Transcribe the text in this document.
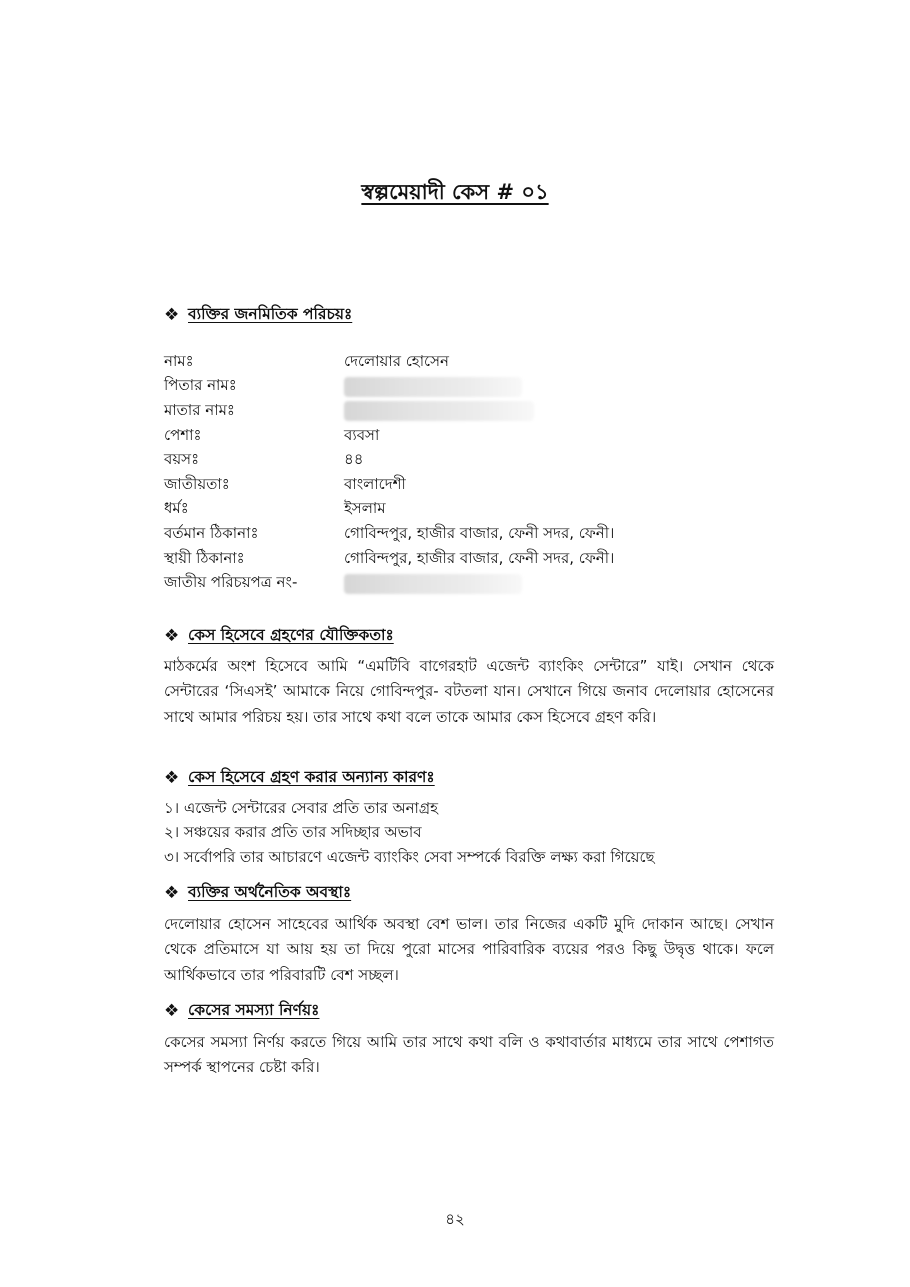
স্বল্পমেয়াদী কেস # ০১
❖ ব্যক্তির জনমিতিক পরিচয়ঃ
নামঃ	দেলোয়ার হোসেন
পিতার নামঃ
মাতার নামঃ
পেশাঃ	ব্যবসা
বয়সঃ	৪৪
জাতীয়তাঃ	বাংলাদেশী
ধর্মঃ	ইসলাম
বর্তমান ঠিকানাঃ	গোবিন্দপুর, হাজীর বাজার, ফেনী সদর, ফেনী।
স্থায়ী ঠিকানাঃ	গোবিন্দপুর, হাজীর বাজার, ফেনী সদর, ফেনী।
জাতীয় পরিচয়পত্র নং-
❖ কেস হিসেবে গ্রহণের যৌক্তিকতাঃ

মাঠকর্মের অংশ হিসেবে আমি “এমটিবি বাগেরহাট এজেন্ট ব্যাংকিং সেন্টারে” যাই। সেখান থেকে সেন্টারের ‘সিএসই’ আমাকে নিয়ে গোবিন্দপুর- বটতলা যান। সেখানে গিয়ে জনাব দেলোয়ার হোসেনের সাথে আমার পরিচয় হয়। তার সাথে কথা বলে তাকে আমার কেস হিসেবে গ্রহণ করি।

❖ কেস হিসেবে গ্রহণ করার অন্যান্য কারণঃ
১। এজেন্ট সেন্টারের সেবার প্রতি তার অনাগ্রহ
২। সঞ্চয়ের করার প্রতি তার সদিচ্ছার অভাব
৩। সর্বোপরি তার আচারণে এজেন্ট ব্যাংকিং সেবা সম্পর্কে বিরক্তি লক্ষ্য করা গিয়েছে
❖ ব্যক্তির অর্থনৈতিক অবস্থাঃ

দেলোয়ার হোসেন সাহেবের আর্থিক অবস্থা বেশ ভাল। তার নিজের একটি মুদি দোকান আছে। সেখান থেকে প্রতিমাসে যা আয় হয় তা দিয়ে পুরো মাসের পারিবারিক ব্যয়ের পরও কিছু উদ্বৃত্ত থাকে। ফলে আর্থিকভাবে তার পরিবারটি বেশ সচ্ছল।

❖ কেসের সমস্যা নির্ণয়ঃ

কেসের সমস্যা নির্ণয় করতে গিয়ে আমি তার সাথে কথা বলি ও কথাবার্তার মাধ্যমে তার সাথে পেশাগত সম্পর্ক স্থাপনের চেষ্টা করি।

৪২
